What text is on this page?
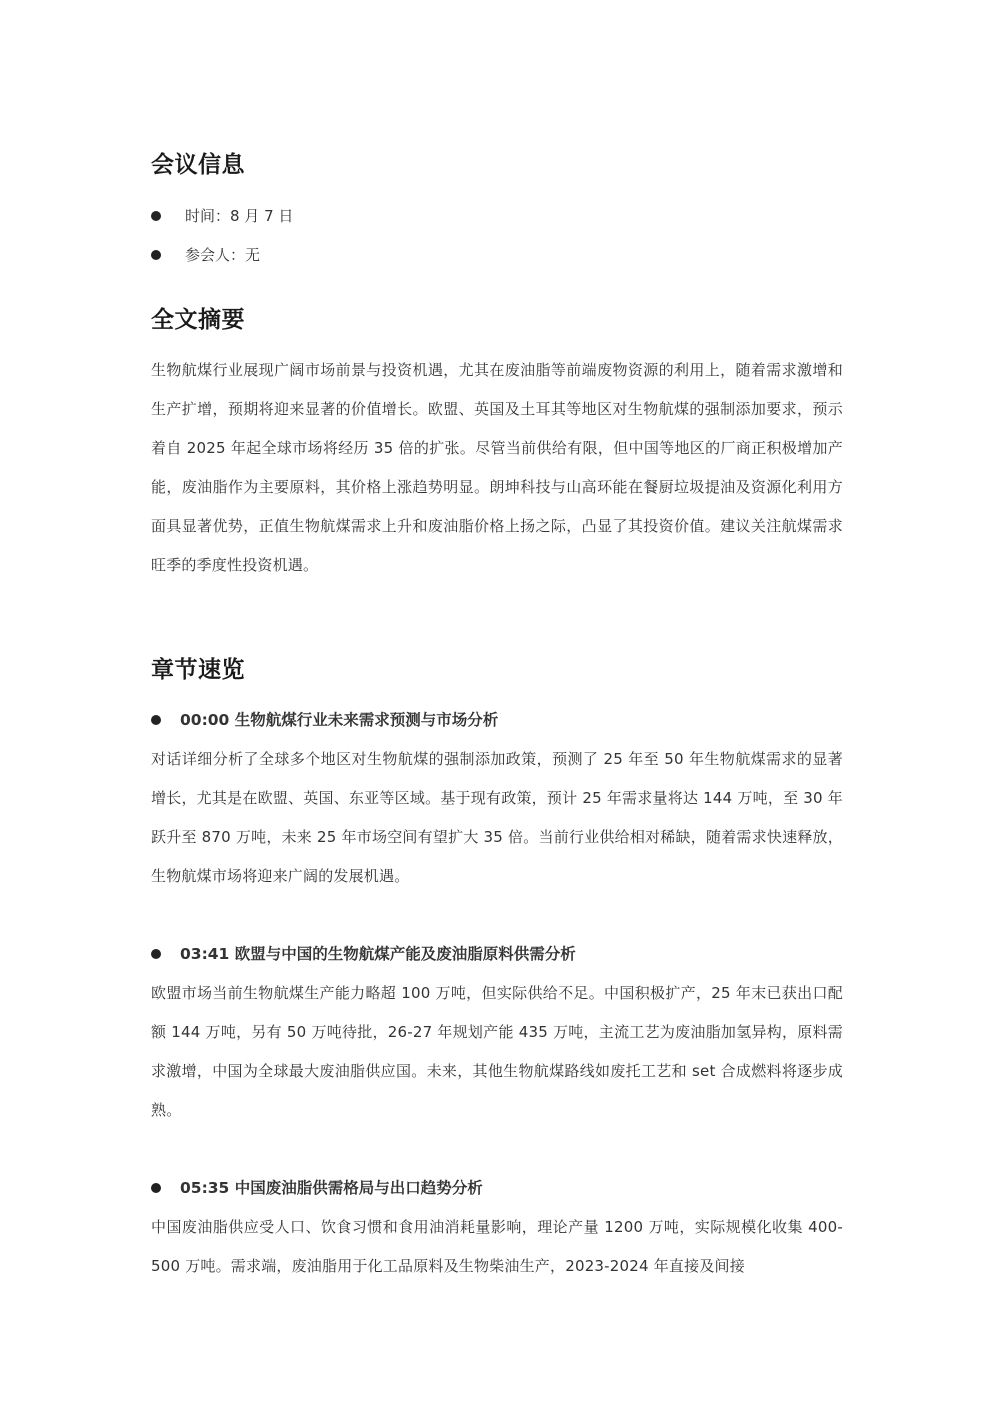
会议信息
时间：8 月 7 日
参会人：无
全文摘要

生物航煤行业展现广阔市场前景与投资机遇，尤其在废油脂等前端废物资源的利用上，随着需求激增和生产扩增，预期将迎来显著的价值增长。欧盟、英国及土耳其等地区对生物航煤的强制添加要求，预示着自 2025 年起全球市场将经历 35 倍的扩张。尽管当前供给有限，但中国等地区的厂商正积极增加产能，废油脂作为主要原料，其价格上涨趋势明显。朗坤科技与山高环能在餐厨垃圾提油及资源化利用方面具显著优势，正值生物航煤需求上升和废油脂价格上扬之际，凸显了其投资价值。建议关注航煤需求旺季的季度性投资机遇。

章节速览
00:00 生物航煤行业未来需求预测与市场分析

对话详细分析了全球多个地区对生物航煤的强制添加政策，预测了 25 年至 50 年生物航煤需求的显著增长，尤其是在欧盟、英国、东亚等区域。基于现有政策，预计 25 年需求量将达 144 万吨，至 30 年跃升至 870 万吨，未来 25 年市场空间有望扩大 35 倍。当前行业供给相对稀缺，随着需求快速释放，生物航煤市场将迎来广阔的发展机遇。

03:41 欧盟与中国的生物航煤产能及废油脂原料供需分析

欧盟市场当前生物航煤生产能力略超 100 万吨，但实际供给不足。中国积极扩产，25 年末已获出口配额 144 万吨，另有 50 万吨待批，26-27 年规划产能 435 万吨，主流工艺为废油脂加氢异构，原料需求激增，中国为全球最大废油脂供应国。未来，其他生物航煤路线如废托工艺和 set 合成燃料将逐步成熟。

05:35 中国废油脂供需格局与出口趋势分析

中国废油脂供应受人口、饮食习惯和食用油消耗量影响，理论产量 1200 万吨，实际规模化收集 400-500 万吨。需求端，废油脂用于化工品原料及生物柴油生产，2023-2024 年直接及间接
